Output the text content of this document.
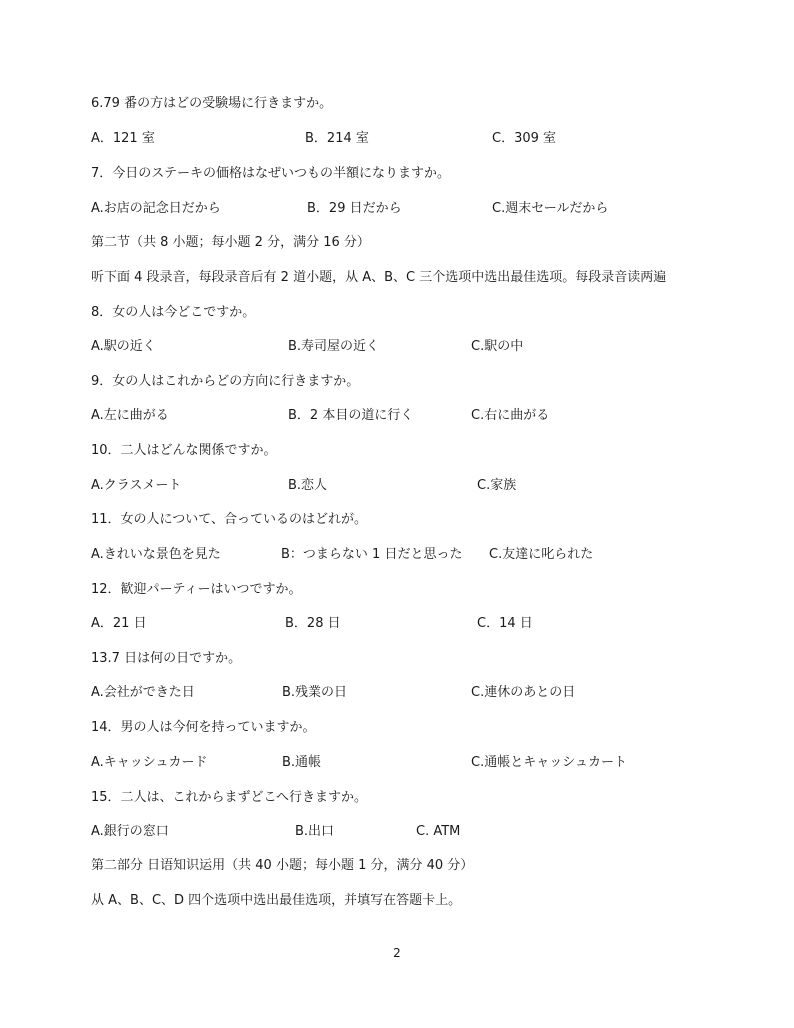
6.79 番の方はどの受験場に行きますか。
A．121 室	B．214 室	C．309 室
7．今日のステーキの価格はなぜいつもの半額になりますか。
A.お店の記念日だから	B．29 日だから	C.週末セールだから
第二节（共 8 小题；每小题 2 分，满分 16 分）
听下面 4 段录音，每段录音后有 2 道小题，从 A、B、C 三个选项中选出最佳选项。每段录音读两遍
8．女の人は今どこですか。
A.駅の近く	B.寿司屋の近く	C.駅の中
9．女の人はこれからどの方向に行きますか。
A.左に曲がる	B．2 本目の道に行く	C.右に曲がる
10．二人はどんな関係ですか。
A.クラスメート	B.恋人	C.家族
11．女の人について、合っているのはどれが。
A.きれいな景色を見た	B：つまらない 1 日だと思った C.友達に叱られた
12．歓迎パーティーはいつですか。
A．21 日	B．28 日	C．14 日
13.7 日は何の日ですか。
A.会社ができた日	B.残業の日	C.連休のあとの日
14．男の人は今何を持っていますか。
A.キャッシュカード	B.通帳	C.通帳とキャッシュカート
15．二人は、これからまずどこへ行きますか。
A.銀行の窓口	B.出口	C. ATM
第二部分 日语知识运用（共 40 小题；每小题 1 分，满分 40 分）
从 A、B、C、D 四个选项中选出最佳选项，并填写在答题卡上。
2
